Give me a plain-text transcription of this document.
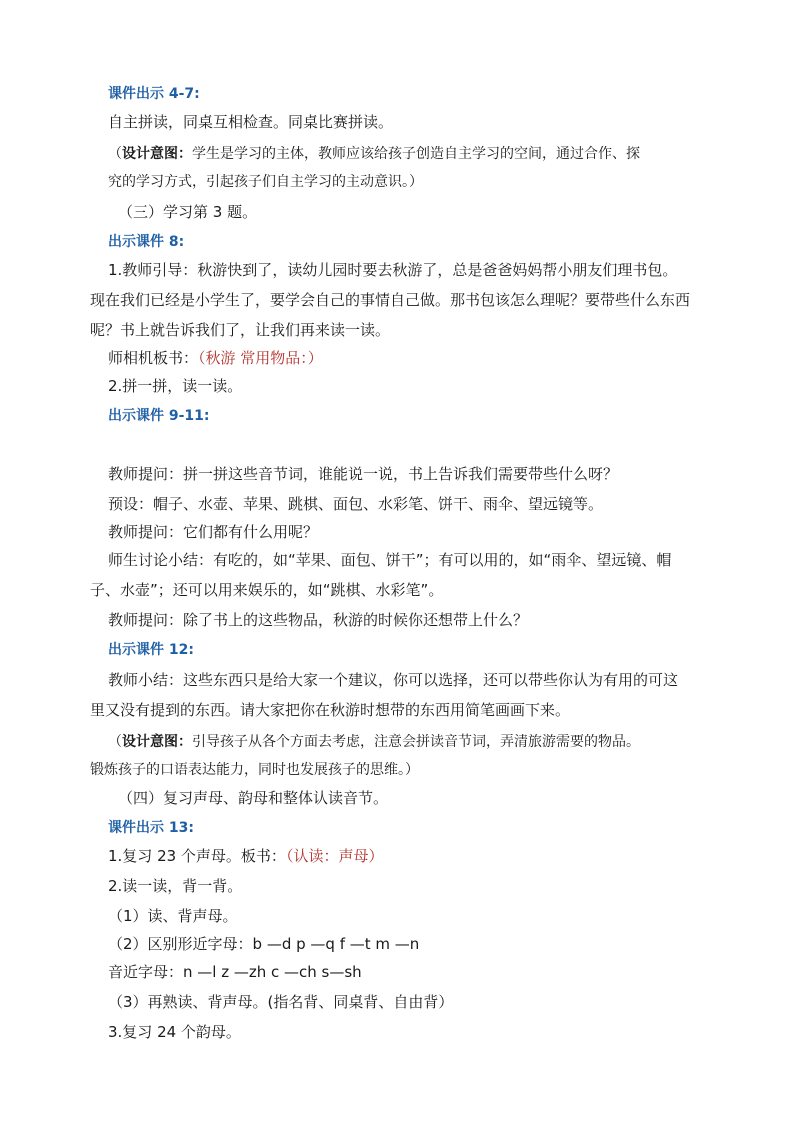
课件出示 4-7:
自主拼读，同桌互相检查。同桌比赛拼读。
（设计意图：学生是学习的主体，教师应该给孩子创造自主学习的空间，通过合作、探
究的学习方式，引起孩子们自主学习的主动意识。）
（三）学习第 3 题。
出示课件 8:
1.教师引导：秋游快到了，读幼儿园时要去秋游了，总是爸爸妈妈帮小朋友们理书包。
现在我们已经是小学生了，要学会自己的事情自己做。那书包该怎么理呢？要带些什么东西
呢？书上就告诉我们了，让我们再来读一读。
师相机板书：（秋游 常用物品：）
2.拼一拼，读一读。
出示课件 9-11:
教师提问：拼一拼这些音节词，谁能说一说，书上告诉我们需要带些什么呀？
预设：帽子、水壶、苹果、跳棋、面包、水彩笔、饼干、雨伞、望远镜等。
教师提问：它们都有什么用呢？
师生讨论小结：有吃的，如“苹果、面包、饼干”；有可以用的，如“雨伞、望远镜、帽
子、水壶”；还可以用来娱乐的，如“跳棋、水彩笔”。
教师提问：除了书上的这些物品，秋游的时候你还想带上什么？
出示课件 12:
教师小结：这些东西只是给大家一个建议，你可以选择，还可以带些你认为有用的可这
里又没有提到的东西。请大家把你在秋游时想带的东西用简笔画画下来。
（设计意图：引导孩子从各个方面去考虑，注意会拼读音节词，弄清旅游需要的物品。
锻炼孩子的口语表达能力，同时也发展孩子的思维。）
（四）复习声母、韵母和整体认读音节。
课件出示 13:
1.复习 23 个声母。板书：（认读：声母）
2.读一读，背一背。
（1）读、背声母。
（2）区别形近字母：b —d p —q f —t m —n
音近字母：n —l z —zh c —ch s—sh
（3）再熟读、背声母。(指名背、同桌背、自由背）
3.复习 24 个韵母。
